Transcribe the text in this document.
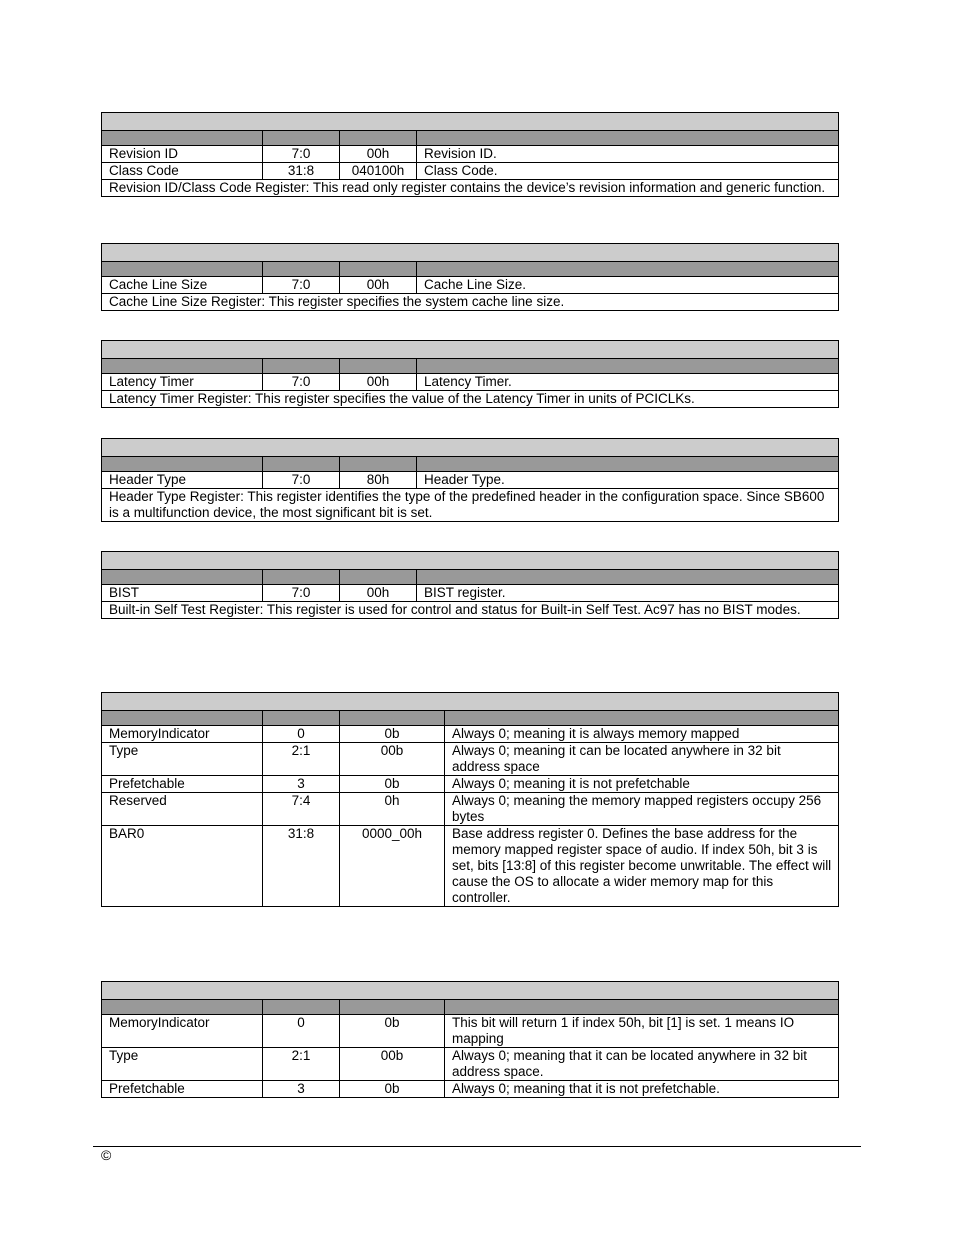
Revision ID	7:0	00h	Revision ID.
Class Code	31:8	040100h	Class Code.
Revision ID/Class Code Register: This read only register contains the device’s revision information and generic function.			

Cache Line Size	7:0	00h	Cache Line Size.
Cache Line Size Register: This register specifies the system cache line size.			

Latency Timer	7:0	00h	Latency Timer.
Latency Timer Register: This register specifies the value of the Latency Timer in units of PCICLKs.			

Header Type	7:0	80h	Header Type.
Header Type Register: This register identifies the type of the predefined header in the configuration space. Since SB600 is a multifunction device, the most significant bit is set.			

BIST	7:0	00h	BIST register.
Built-in Self Test Register: This register is used for control and status for Built-in Self Test. Ac97 has no BIST modes.			

MemoryIndicator	0	0b	Always 0; meaning it is always memory mapped
Type	2:1	00b	Always 0; meaning it can be located anywhere in 32 bit address space
Prefetchable	3	0b	Always 0; meaning it is not prefetchable
Reserved	7:4	0h	Always 0; meaning the memory mapped registers occupy 256 bytes
BAR0	31:8	0000_00h	Base address register 0. Defines the base address for the memory mapped register space of audio. If index 50h, bit 3 is set, bits [13:8] of this register become unwritable. The effect will cause the OS to allocate a wider memory map for this controller.

MemoryIndicator	0	0b	This bit will return 1 if index 50h, bit [1] is set. 1 means IO mapping
Type	2:1	00b	Always 0; meaning that it can be located anywhere in 32 bit address space.
Prefetchable	3	0b	Always 0; meaning that it is not prefetchable.
©
